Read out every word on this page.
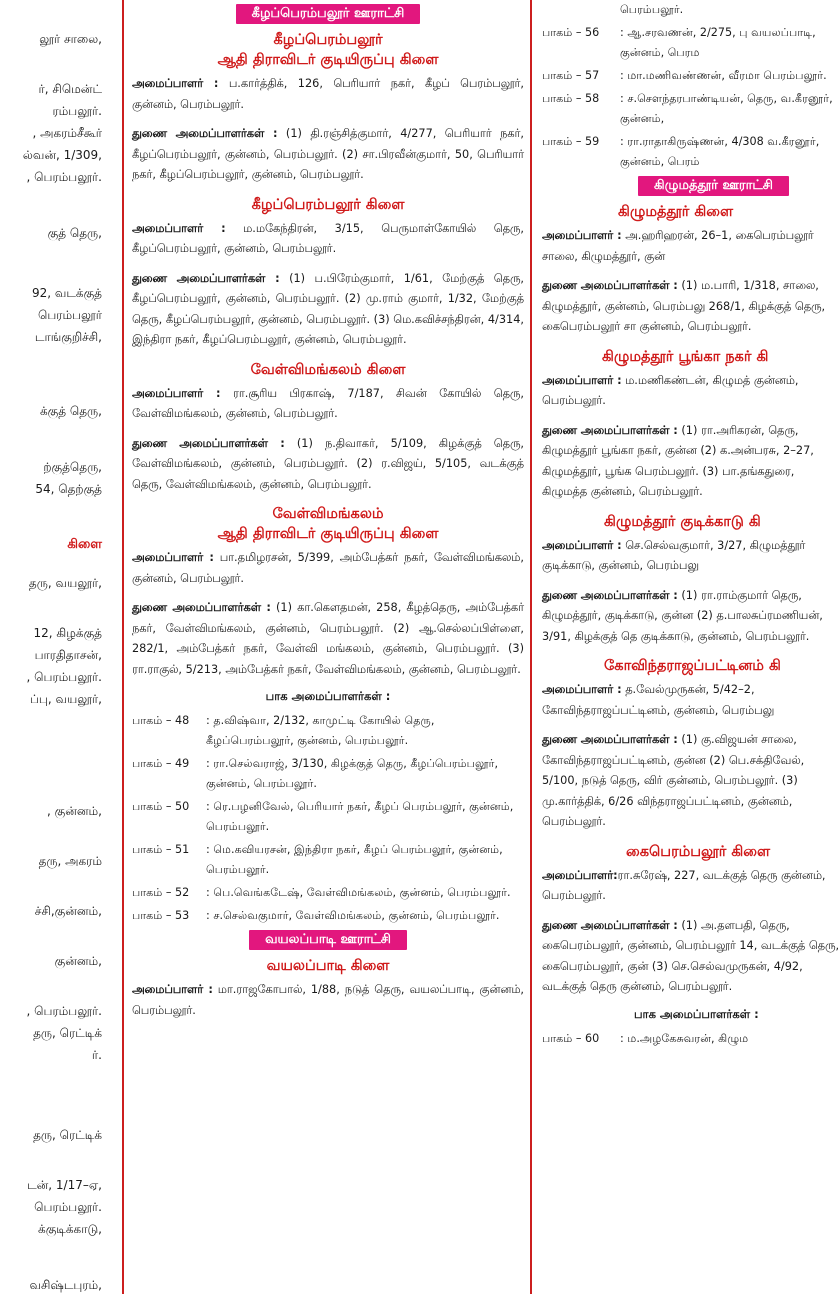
லூர் சாலை,
ர், சிமென்ட்
ரம்பலூர்.
, அகரம்சீகூர்
ல்வன், 1/309,
, பெரம்பலூர்.
குத் தெரு,
92, வடக்குத்
பெரம்பலூர்
டாங்குறிச்சி,
க்குத் தெரு,
ற்குத்தெரு,
54, தெற்குத்
கிளை
தரு, வயலூர்,
12, கிழக்குத்
பாரதிதாசன்,
, பெரம்பலூர்.
ப்பு, வயலூர்,
, குன்னம்,
தரு, அகரம்
ச்சி,குன்னம்,
குன்னம்,
, பெரம்பலூர்.
தரு, ரெட்டிக்
ர்.
தரு, ரெட்டிக்
டன், 1/17–ஏ,
பெரம்பலூர்.
க்குடிக்காடு,
வசிஷ்டபுரம்,
கீழப்பெரம்பலூர் ஊராட்சி
கீழப்பெரம்பலூர்
ஆதி திராவிடர் குடியிருப்பு கிளை

அமைப்பாளர் : ப.கார்த்திக், 126, பெரியார் நகர், கீழப் பெரம்பலூர், குன்னம், பெரம்பலூர்.

துணை அமைப்பாளர்கள் : (1) தி.ரஞ்சித்குமார், 4/277, பெரியார் நகர், கீழப்பெரம்பலூர், குன்னம், பெரம்பலூர். (2) சா.பிரவீன்குமார், 50, பெரியார் நகர், கீழப்பெரம்பலூர், குன்னம், பெரம்பலூர்.

கீழப்பெரம்பலூர் கிளை

அமைப்பாளர் : ம.மகேந்திரன், 3/15, பெருமாள்கோயில் தெரு, கீழப்பெரம்பலூர், குன்னம், பெரம்பலூர்.

துணை அமைப்பாளர்கள் : (1) ப.பிரேம்குமார், 1/61, மேற்குத் தெரு, கீழப்பெரம்பலூர், குன்னம், பெரம்பலூர். (2) மு.ராம் குமார், 1/32, மேற்குத் தெரு, கீழப்பெரம்பலூர், குன்னம், பெரம்பலூர். (3) மெ.கவிச்சந்திரன், 4/314, இந்திரா நகர், கீழப்பெரம்பலூர், குன்னம், பெரம்பலூர்.

வேள்விமங்கலம் கிளை

அமைப்பாளர் : ரா.சூரிய பிரகாஷ், 7/187, சிவன் கோயில் தெரு, வேள்விமங்கலம், குன்னம், பெரம்பலூர்.

துணை அமைப்பாளர்கள் : (1) ந.திவாகர், 5/109, கிழக்குத் தெரு, வேள்விமங்கலம், குன்னம், பெரம்பலூர். (2) ர.விஜய், 5/105, வடக்குத் தெரு, வேள்விமங்கலம், குன்னம், பெரம்பலூர்.

வேள்விமங்கலம்
ஆதி திராவிடர் குடியிருப்பு கிளை

அமைப்பாளர் : பா.தமிழரசன், 5/399, அம்பேத்கர் நகர், வேள்விமங்கலம், குன்னம், பெரம்பலூர்.

துணை அமைப்பாளர்கள் : (1) கா.கௌதமன், 258, கீழத்தெரு, அம்பேத்கர் நகர், வேள்விமங்கலம், குன்னம், பெரம்பலூர். (2) ஆ.செல்லப்பிள்ளை, 282/1, அம்பேத்கர் நகர், வேள்வி மங்கலம், குன்னம், பெரம்பலூர். (3) ரா.ராகுல், 5/213, அம்பேத்கர் நகர், வேள்விமங்கலம், குன்னம், பெரம்பலூர்.

பாக அமைப்பாளர்கள் :
பாகம் – 48	: த.விஷ்வா, 2/132, காமுட்டி கோயில் தெரு, கீழப்பெரம்பலூர், குன்னம், பெரம்பலூர்.
பாகம் – 49	: ரா.செல்வராஜ், 3/130, கிழக்குத் தெரு, கீழப்பெரம்பலூர், குன்னம், பெரம்பலூர்.
பாகம் – 50	: ரெ.பழனிவேல், பெரியார் நகர், கீழப் பெரம்பலூர், குன்னம், பெரம்பலூர்.
பாகம் – 51	: மெ.கவியரசன், இந்திரா நகர், கீழப் பெரம்பலூர், குன்னம், பெரம்பலூர்.
பாகம் – 52	: பெ.வெங்கடேஷ், வேள்விமங்கலம், குன்னம், பெரம்பலூர்.
பாகம் – 53	: ச.செல்வகுமார், வேள்விமங்கலம், குன்னம், பெரம்பலூர்.
வயலப்பாடி ஊராட்சி
வயலப்பாடி கிளை

அமைப்பாளர் : மா.ராஜகோபால், 1/88, நடுத் தெரு, வயலப்பாடி, குன்னம், பெரம்பலூர்.

பெரம்பலூர்.
பாகம் – 56	: ஆ.சரவணன், 2/275, பு வயலப்பாடி, குன்னம், பெரம
பாகம் – 57	: மா.மணிவண்ணன், வீரமா பெரம்பலூர்.
பாகம் – 58	: ச.சௌந்தரபாண்டியன், தெரு, வ.கீரனூர், குன்னம்,
பாகம் – 59	: ரா.ராதாகிருஷ்ணன், 4/308 வ.கீரனூர், குன்னம், பெரம்
கிழுமத்தூர் ஊராட்சி
கிழுமத்தூர் கிளை

அமைப்பாளர் : அ.ஹரிஹரன், 26–1, கைபெரம்பலூர் சாலை, கிழுமத்தூர், குன்

துணை அமைப்பாளர்கள் : (1) ம.பாரி, 1/318, சாலை, கிழுமத்தூர், குன்னம், பெரம்பலு 268/1, கிழக்குத் தெரு, கைபெரம்பலூர் சா குன்னம், பெரம்பலூர்.

கிழுமத்தூர் பூங்கா நகர் கி

அமைப்பாளர் : ம.மணிகண்டன், கிழுமத் குன்னம், பெரம்பலூர்.

துணை அமைப்பாளர்கள் : (1) ரா.அரிகரன், தெரு, கிழுமத்தூர் பூங்கா நகர், குன்ன (2) க.அன்பரசு, 2–27, கிழுமத்தூர், பூங்க பெரம்பலூர். (3) பா.தங்கதுரை, கிழுமத்த குன்னம், பெரம்பலூர்.

கிழுமத்தூர் குடிக்காடு கி

அமைப்பாளர் : செ.செல்வகுமார், 3/27, கிழுமத்தூர் குடிக்காடு, குன்னம், பெரம்பலு

துணை அமைப்பாளர்கள் : (1) ரா.ராம்குமார் தெரு, கிழுமத்தூர், குடிக்காடு, குன்ன (2) த.பாலசுப்ரமணியன், 3/91, கிழக்குத் தெ குடிக்காடு, குன்னம், பெரம்பலூர்.

கோவிந்தராஜப்பட்டினம் கி

அமைப்பாளர் : த.வேல்முருகன், 5/42–2, கோவிந்தராஜப்பட்டினம், குன்னம், பெரம்பலு

துணை அமைப்பாளர்கள் : (1) கு.விஜயன் சாலை, கோவிந்தராஜப்பட்டினம், குன்ன (2) பெ.சக்திவேல், 5/100, நடுத் தெரு, விர் குன்னம், பெரம்பலூர். (3) மு.கார்த்திக், 6/26 விந்தராஜப்பட்டினம், குன்னம், பெரம்பலூர்.

கைபெரம்பலூர் கிளை

அமைப்பாளர்:ரா.சுரேஷ், 227, வடக்குத் தெரு குன்னம், பெரம்பலூர்.

துணை அமைப்பாளர்கள் : (1) அ.தளபதி, தெரு, கைபெரம்பலூர், குன்னம், பெரம்பலூர் 14, வடக்குத் தெரு, கைபெரம்பலூர், குன் (3) செ.செல்வமுருகன், 4/92, வடக்குத் தெரு குன்னம், பெரம்பலூர்.

பாக அமைப்பாளர்கள் :
பாகம் – 60	: ம.அழகேசுவரன், கிழும
